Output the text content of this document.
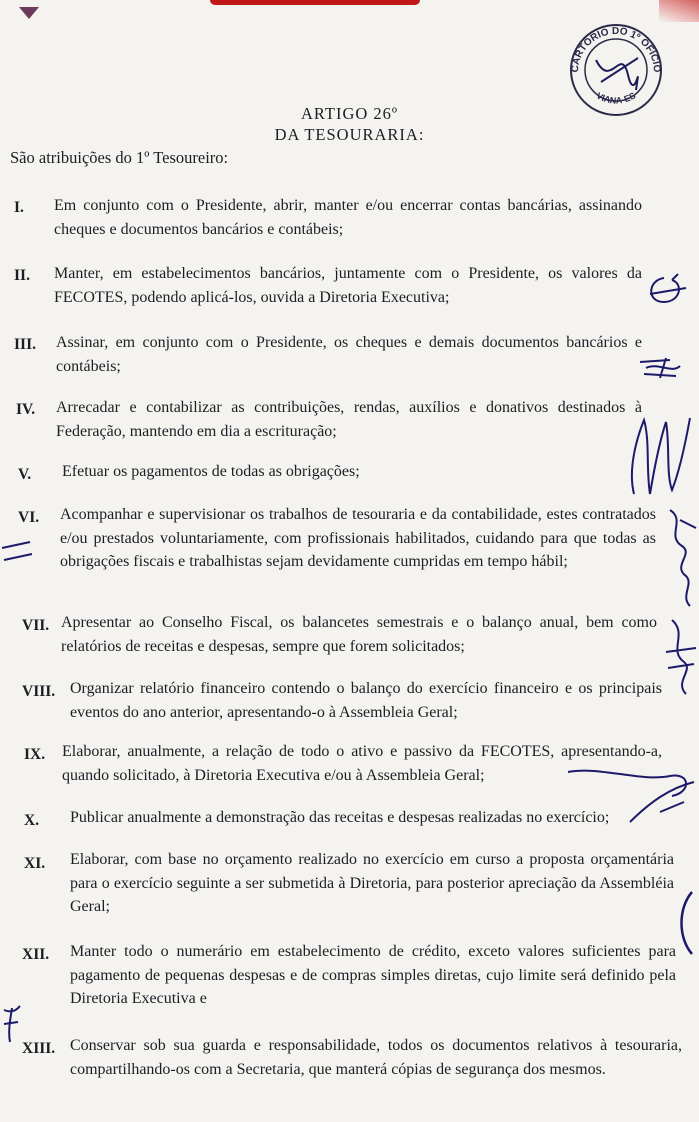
CARTÓRIO DO 1º OFÍCIO
VIANA-ES
ARTIGO 26º
DA TESOURARIA:
São atribuições do 1º Tesoureiro:
I. Em conjunto com o Presidente, abrir, manter e/ou encerrar contas bancárias, assinando cheques e documentos bancários e contábeis;
II. Manter, em estabelecimentos bancários, juntamente com o Presidente, os valores da FECOTES, podendo aplicá-los, ouvida a Diretoria Executiva;
III. Assinar, em conjunto com o Presidente, os cheques e demais documentos bancários e contábeis;
IV. Arrecadar e contabilizar as contribuições, rendas, auxílios e donativos destinados à Federação, mantendo em dia a escrituração;
V. Efetuar os pagamentos de todas as obrigações;
VI. Acompanhar e supervisionar os trabalhos de tesouraria e da contabilidade, estes contratados e/ou prestados voluntariamente, com profissionais habilitados, cuidando para que todas as obrigações fiscais e trabalhistas sejam devidamente cumpridas em tempo hábil;
VII. Apresentar ao Conselho Fiscal, os balancetes semestrais e o balanço anual, bem como relatórios de receitas e despesas, sempre que forem solicitados;
VIII. Organizar relatório financeiro contendo o balanço do exercício financeiro e os principais eventos do ano anterior, apresentando-o à Assembleia Geral;
IX. Elaborar, anualmente, a relação de todo o ativo e passivo da FECOTES, apresentando-a, quando solicitado, à Diretoria Executiva e/ou à Assembleia Geral;
X. Publicar anualmente a demonstração das receitas e despesas realizadas no exercício;
XI. Elaborar, com base no orçamento realizado no exercício em curso a proposta orçamentária para o exercício seguinte a ser submetida à Diretoria, para posterior apreciação da Assembléia Geral;
XII. Manter todo o numerário em estabelecimento de crédito, exceto valores suficientes para pagamento de pequenas despesas e de compras simples diretas, cujo limite será definido pela Diretoria Executiva e
XIII. Conservar sob sua guarda e responsabilidade, todos os documentos relativos à tesouraria, compartilhando-os com a Secretaria, que manterá cópias de segurança dos mesmos.
